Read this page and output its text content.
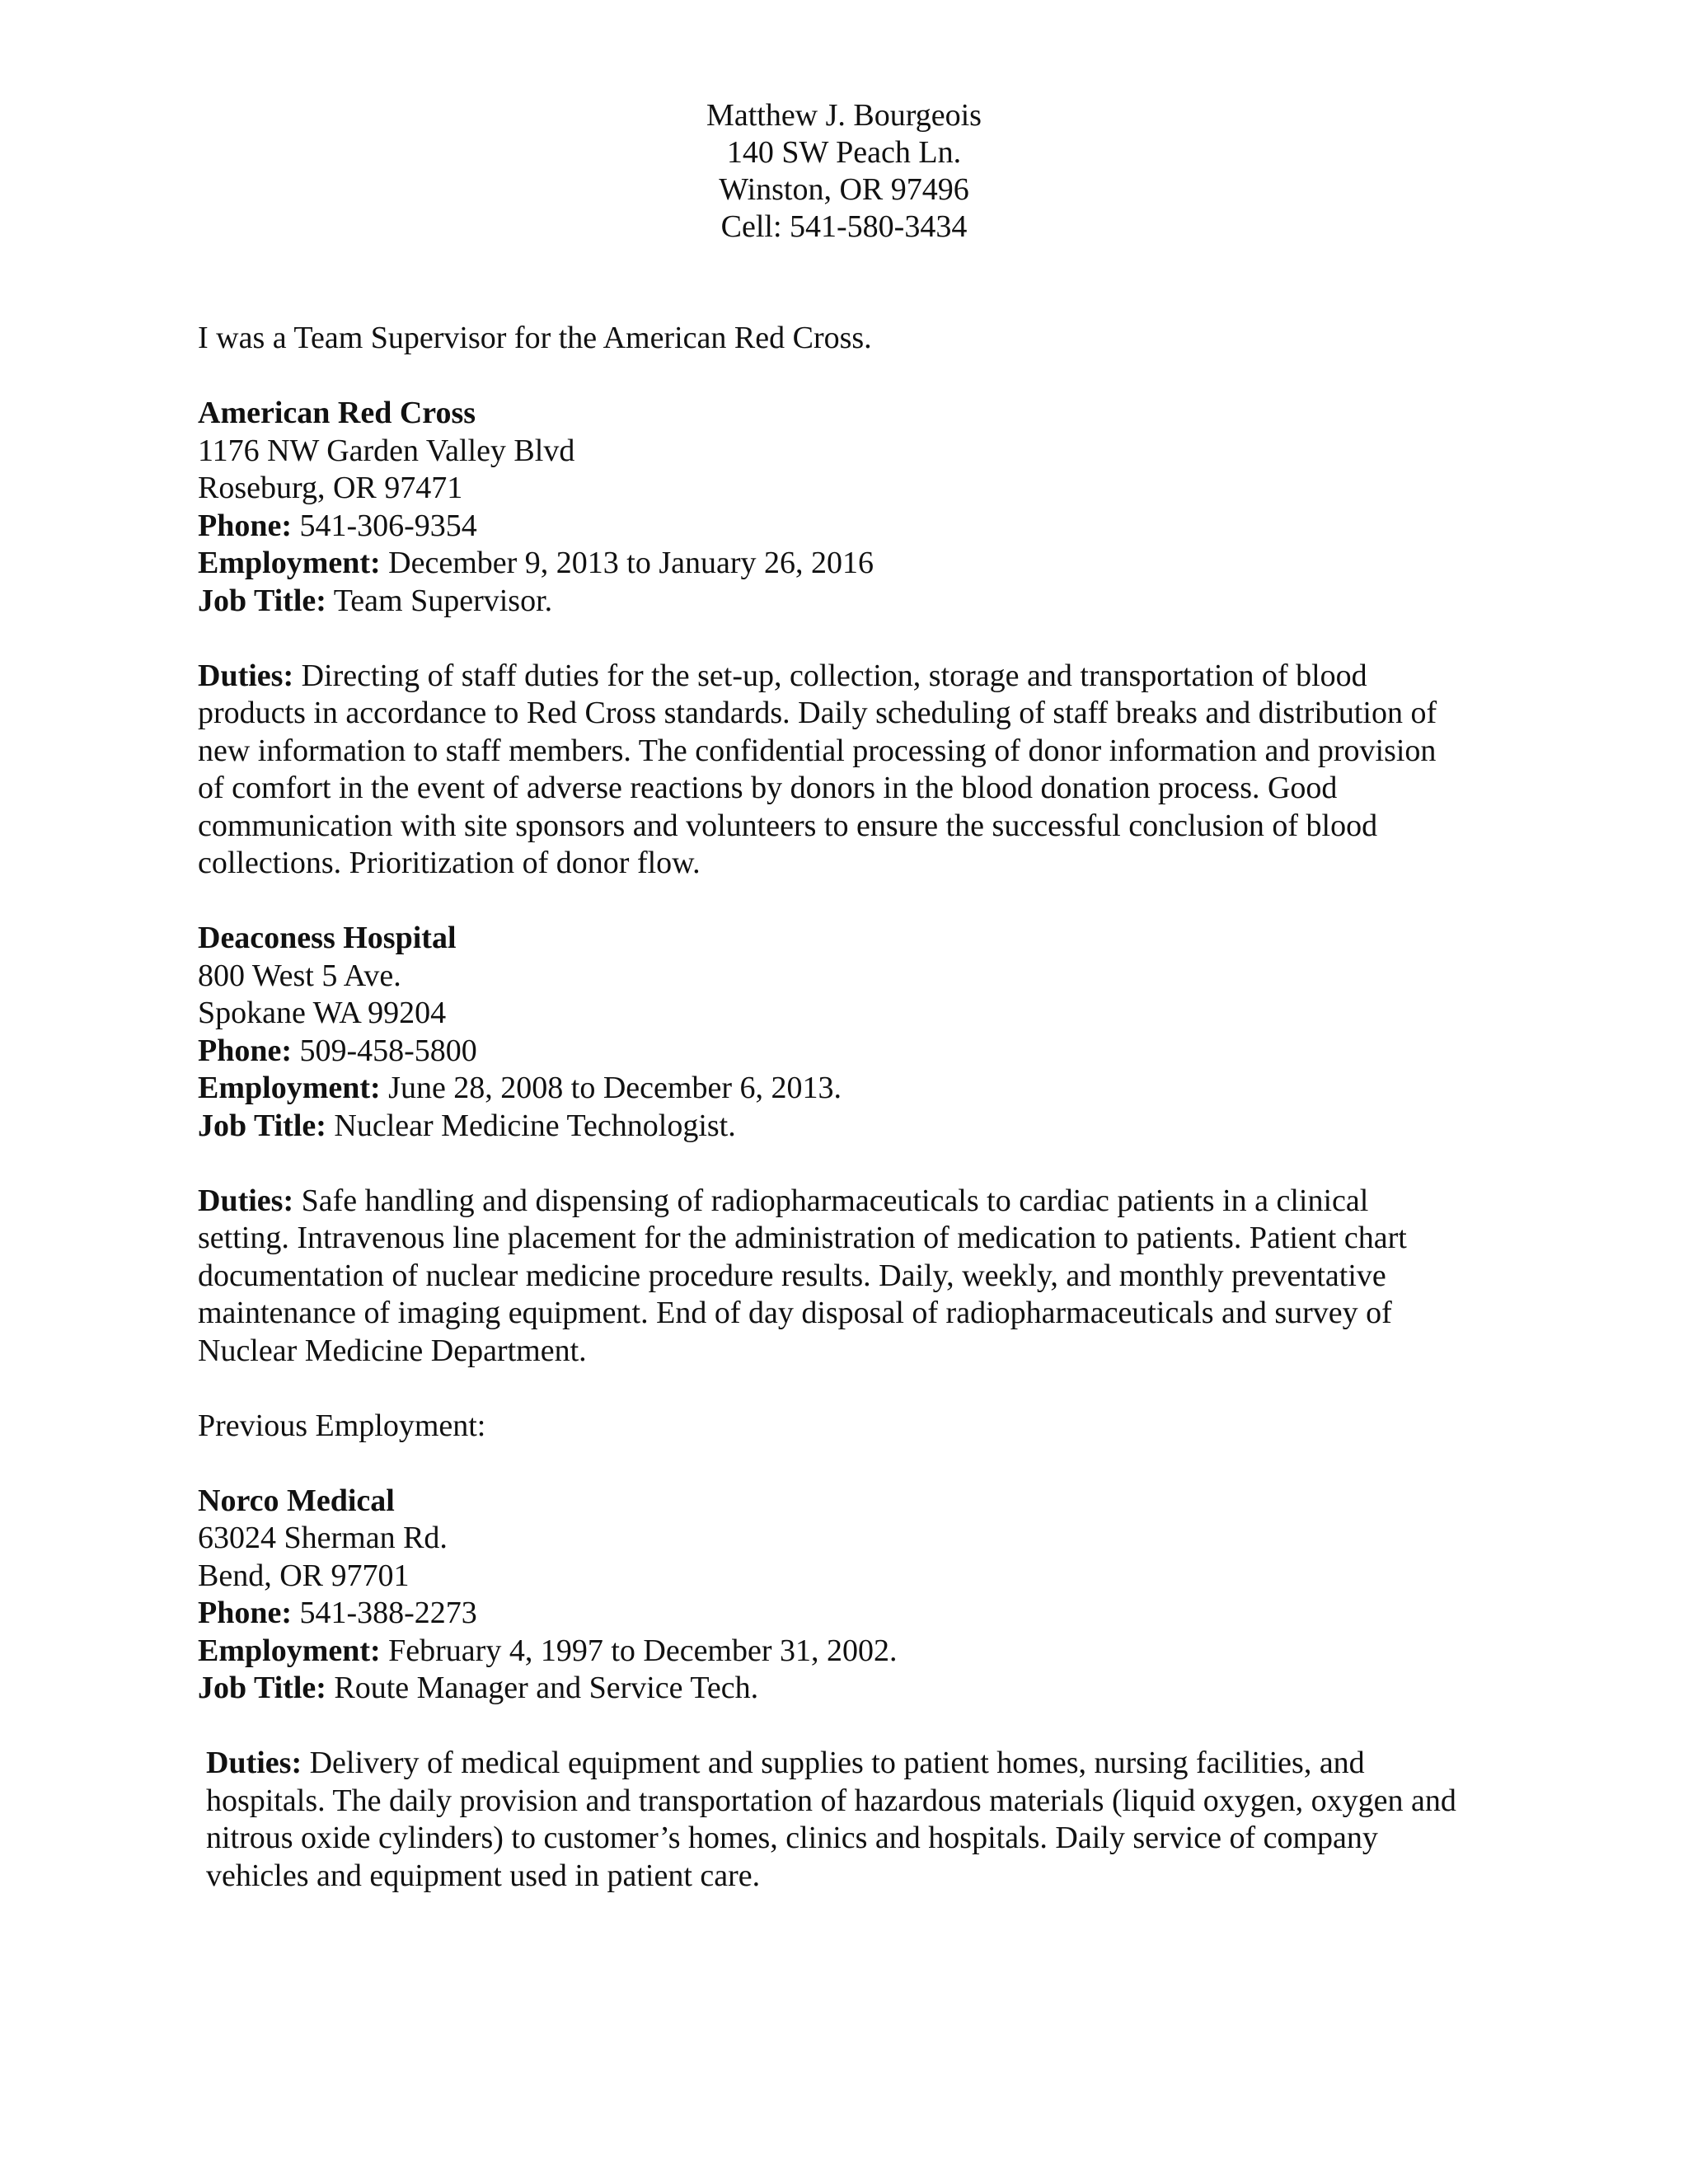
Matthew J. Bourgeois
140 SW Peach Ln.
Winston, OR 97496
Cell: 541-580-3434
I was a Team Supervisor for the American Red Cross.
American Red Cross
1176 NW Garden Valley Blvd
Roseburg, OR 97471
Phone: 541-306-9354
Employment: December 9, 2013 to January 26, 2016
Job Title: Team Supervisor.
Duties: Directing of staff duties for the set-up, collection, storage and transportation of blood products in accordance to Red Cross standards. Daily scheduling of staff breaks and distribution of new information to staff members. The confidential processing of donor information and provision of comfort in the event of adverse reactions by donors in the blood donation process. Good communication with site sponsors and volunteers to ensure the successful conclusion of blood collections. Prioritization of donor flow.
Deaconess Hospital
800 West 5 Ave.
Spokane WA 99204
Phone: 509-458-5800
Employment: June 28, 2008 to December 6, 2013.
Job Title: Nuclear Medicine Technologist.
Duties: Safe handling and dispensing of radiopharmaceuticals to cardiac patients in a clinical setting. Intravenous line placement for the administration of medication to patients. Patient chart documentation of nuclear medicine procedure results. Daily, weekly, and monthly preventative maintenance of imaging equipment. End of day disposal of radiopharmaceuticals and survey of Nuclear Medicine Department.
Previous Employment:
Norco Medical
63024 Sherman Rd.
Bend, OR 97701
Phone: 541-388-2273
Employment: February 4, 1997 to December 31, 2002.
Job Title: Route Manager and Service Tech.
Duties: Delivery of medical equipment and supplies to patient homes, nursing facilities, and hospitals. The daily provision and transportation of hazardous materials (liquid oxygen, oxygen and nitrous oxide cylinders) to customer’s homes, clinics and hospitals. Daily service of company vehicles and equipment used in patient care.
